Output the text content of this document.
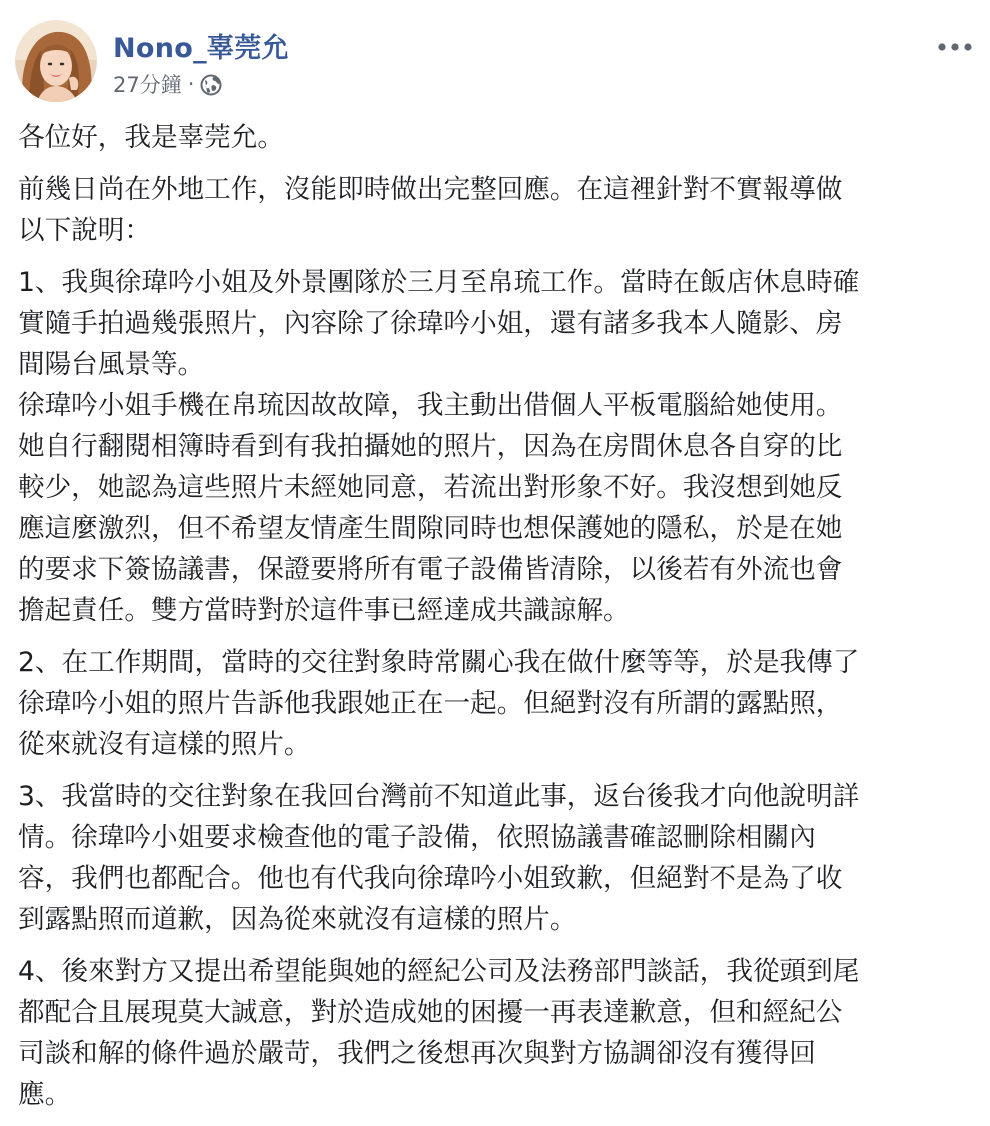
Nono_辜莞允
27分鐘 ·

各位好，我是辜莞允。

前幾日尚在外地工作，沒能即時做出完整回應。在這裡針對不實報導做
以下說明：

1、我與徐瑋吟小姐及外景團隊於三月至帛琉工作。當時在飯店休息時確
實隨手拍過幾張照片，內容除了徐瑋吟小姐，還有諸多我本人隨影、房
間陽台風景等。
徐瑋吟小姐手機在帛琉因故故障，我主動出借個人平板電腦給她使用。
她自行翻閱相簿時看到有我拍攝她的照片，因為在房間休息各自穿的比
較少，她認為這些照片未經她同意，若流出對形象不好。我沒想到她反
應這麼激烈，但不希望友情產生間隙同時也想保護她的隱私，於是在她
的要求下簽協議書，保證要將所有電子設備皆清除，以後若有外流也會
擔起責任。雙方當時對於這件事已經達成共識諒解。

2、在工作期間，當時的交往對象時常關心我在做什麼等等，於是我傳了
徐瑋吟小姐的照片告訴他我跟她正在一起。但絕對沒有所謂的露點照，
從來就沒有這樣的照片。

3、我當時的交往對象在我回台灣前不知道此事，返台後我才向他說明詳
情。徐瑋吟小姐要求檢查他的電子設備，依照協議書確認刪除相關內
容，我們也都配合。他也有代我向徐瑋吟小姐致歉，但絕對不是為了收
到露點照而道歉，因為從來就沒有這樣的照片。

4、後來對方又提出希望能與她的經紀公司及法務部門談話，我從頭到尾
都配合且展現莫大誠意，對於造成她的困擾一再表達歉意，但和經紀公
司談和解的條件過於嚴苛，我們之後想再次與對方協調卻沒有獲得回
應。
